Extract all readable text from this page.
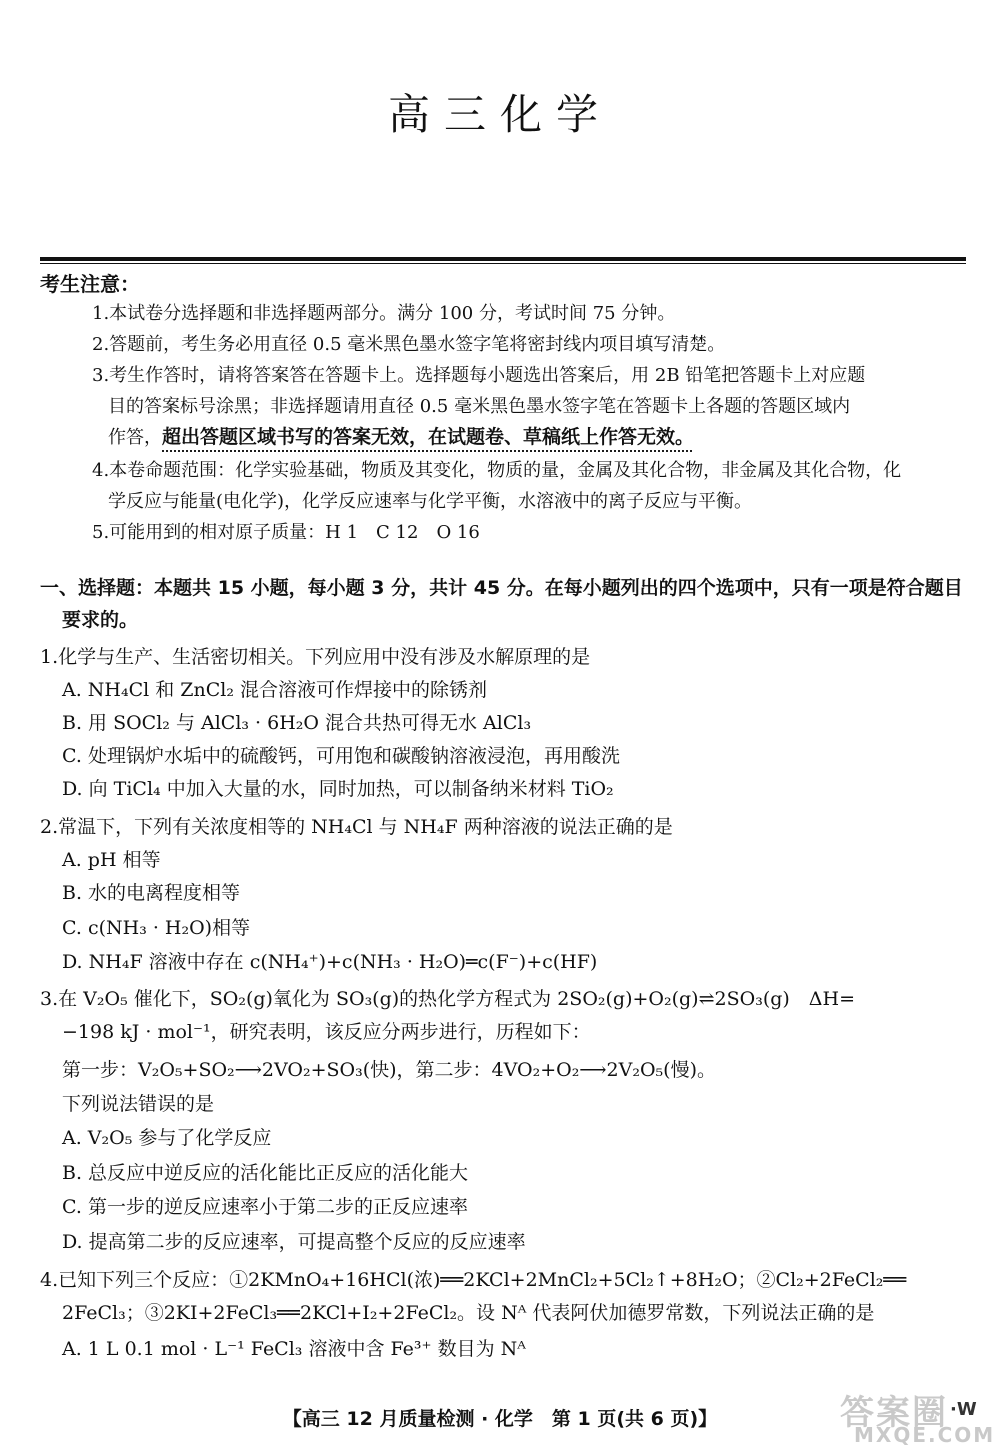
高三化学
考生注意：
1.本试卷分选择题和非选择题两部分。满分 100 分，考试时间 75 分钟。
2.答题前，考生务必用直径 0.5 毫米黑色墨水签字笔将密封线内项目填写清楚。
3.考生作答时，请将答案答在答题卡上。选择题每小题选出答案后，用 2B 铅笔把答题卡上对应题
目的答案标号涂黑；非选择题请用直径 0.5 毫米黑色墨水签字笔在答题卡上各题的答题区域内
作答，超出答题区域书写的答案无效，在试题卷、草稿纸上作答无效。
4.本卷命题范围：化学实验基础，物质及其变化，物质的量，金属及其化合物，非金属及其化合物，化
学反应与能量(电化学)，化学反应速率与化学平衡，水溶液中的离子反应与平衡。
5.可能用到的相对原子质量：H 1　C 12　O 16
一、选择题：本题共 15 小题，每小题 3 分，共计 45 分。在每小题列出的四个选项中，只有一项是符合题目
要求的。
1.化学与生产、生活密切相关。下列应用中没有涉及水解原理的是
A. NH₄Cl 和 ZnCl₂ 混合溶液可作焊接中的除锈剂
B. 用 SOCl₂ 与 AlCl₃ · 6H₂O 混合共热可得无水 AlCl₃
C. 处理锅炉水垢中的硫酸钙，可用饱和碳酸钠溶液浸泡，再用酸洗
D. 向 TiCl₄ 中加入大量的水，同时加热，可以制备纳米材料 TiO₂
2.常温下，下列有关浓度相等的 NH₄Cl 与 NH₄F 两种溶液的说法正确的是
A. pH 相等
B. 水的电离程度相等
C. c(NH₃ · H₂O)相等
D. NH₄F 溶液中存在 c(NH₄⁺)+c(NH₃ · H₂O)═c(F⁻)+c(HF)
3.在 V₂O₅ 催化下，SO₂(g)氧化为 SO₃(g)的热化学方程式为 2SO₂(g)+O₂(g)⇌2SO₃(g)　ΔH=
−198 kJ · mol⁻¹，研究表明，该反应分两步进行，历程如下：
第一步：V₂O₅+SO₂⟶2VO₂+SO₃(快)，第二步：4VO₂+O₂⟶2V₂O₅(慢)。
下列说法错误的是
A. V₂O₅ 参与了化学反应
B. 总反应中逆反应的活化能比正反应的活化能大
C. 第一步的逆反应速率小于第二步的正反应速率
D. 提高第二步的反应速率，可提高整个反应的反应速率
4.已知下列三个反应：①2KMnO₄+16HCl(浓)══2KCl+2MnCl₂+5Cl₂↑+8H₂O；②Cl₂+2FeCl₂══
2FeCl₃；③2KI+2FeCl₃══2KCl+I₂+2FeCl₂。设 Nᴬ 代表阿伏加德罗常数，下列说法正确的是
A. 1 L 0.1 mol · L⁻¹ FeCl₃ 溶液中含 Fe³⁺ 数目为 Nᴬ
【高三 12 月质量检测 · 化学　第 1 页(共 6 页)】	答案圈
MXQE.COM
·W
